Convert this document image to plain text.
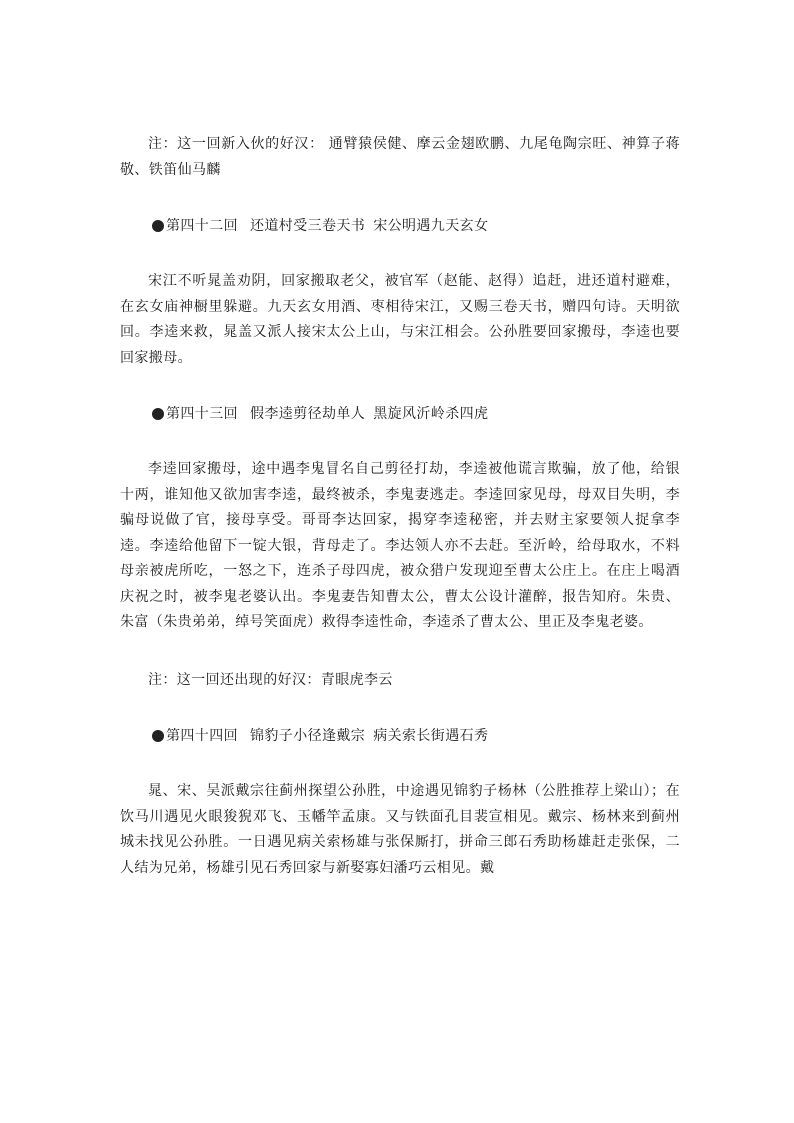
注：这一回新入伙的好汉： 通臂猿侯健、摩云金翅欧鹏、九尾龟陶宗旺、神算子蒋敬、铁笛仙马麟

第四十二回 还道村受三卷天书 宋公明遇九天玄女

宋江不听晁盖劝阴，回家搬取老父，被官军（赵能、赵得）追赶，进还道村避难，在玄女庙神橱里躲避。九天玄女用酒、枣相待宋江，又赐三卷天书，赠四句诗。天明欲回。李逵来救，晁盖又派人接宋太公上山，与宋江相会。公孙胜要回家搬母，李逵也要回家搬母。

第四十三回 假李逵剪径劫单人 黑旋风沂岭杀四虎

李逵回家搬母，途中遇李鬼冒名自己剪径打劫，李逵被他谎言欺骗，放了他，给银十两，谁知他又欲加害李逵，最终被杀，李鬼妻逃走。李逵回家见母，母双目失明，李骗母说做了官，接母享受。哥哥李达回家，揭穿李逵秘密，并去财主家要领人捉拿李逵。李逵给他留下一锭大银，背母走了。李达领人亦不去赶。至沂岭，给母取水，不料母亲被虎所吃，一怒之下，连杀子母四虎，被众猎户发现迎至曹太公庄上。在庄上喝酒庆祝之时，被李鬼老婆认出。李鬼妻告知曹太公，曹太公设计灌醉，报告知府。朱贵、朱富（朱贵弟弟，绰号笑面虎）救得李逵性命，李逵杀了曹太公、里正及李鬼老婆。

注：这一回还出现的好汉：青眼虎李云

第四十四回 锦豹子小径逢戴宗 病关索长街遇石秀

晁、宋、吴派戴宗往蓟州探望公孙胜，中途遇见锦豹子杨林（公胜推荐上梁山）；在饮马川遇见火眼狻猊邓飞、玉幡竿孟康。又与铁面孔目裴宣相见。戴宗、杨林来到蓟州城未找见公孙胜。一日遇见病关索杨雄与张保厮打，拼命三郎石秀助杨雄赶走张保，二人结为兄弟，杨雄引见石秀回家与新娶寡妇潘巧云相见。戴
